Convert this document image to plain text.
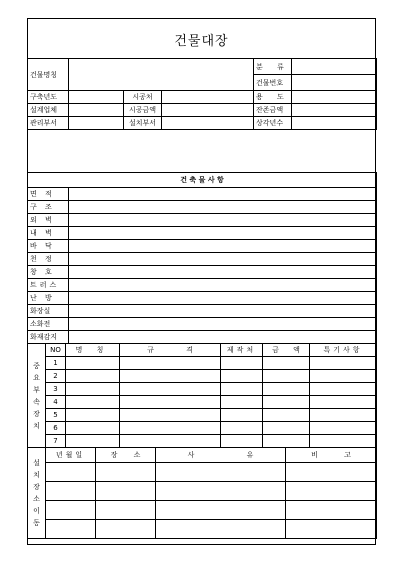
건물대장
건물명칭				분 류	
				건물번호	
구축년도		시공처		용 도	
설계업체		시공금액		잔존금액	
관리부서		설치부서		상각년수	
건 축 물 사 항	
면 적	
구 조	
외 벽	
내 벽	
바 닥	
천 정	
창 호	
트러스	
난 방	
화장실	
소화전	
화재감지	
중요부속장치	NO	명 칭	규 격	제작처	금 액	특기사항
	1					
	2					
	3					
	4					
	5					
	6					
	7					
설치장소이동	년월일	장 소	사 유	비 고
